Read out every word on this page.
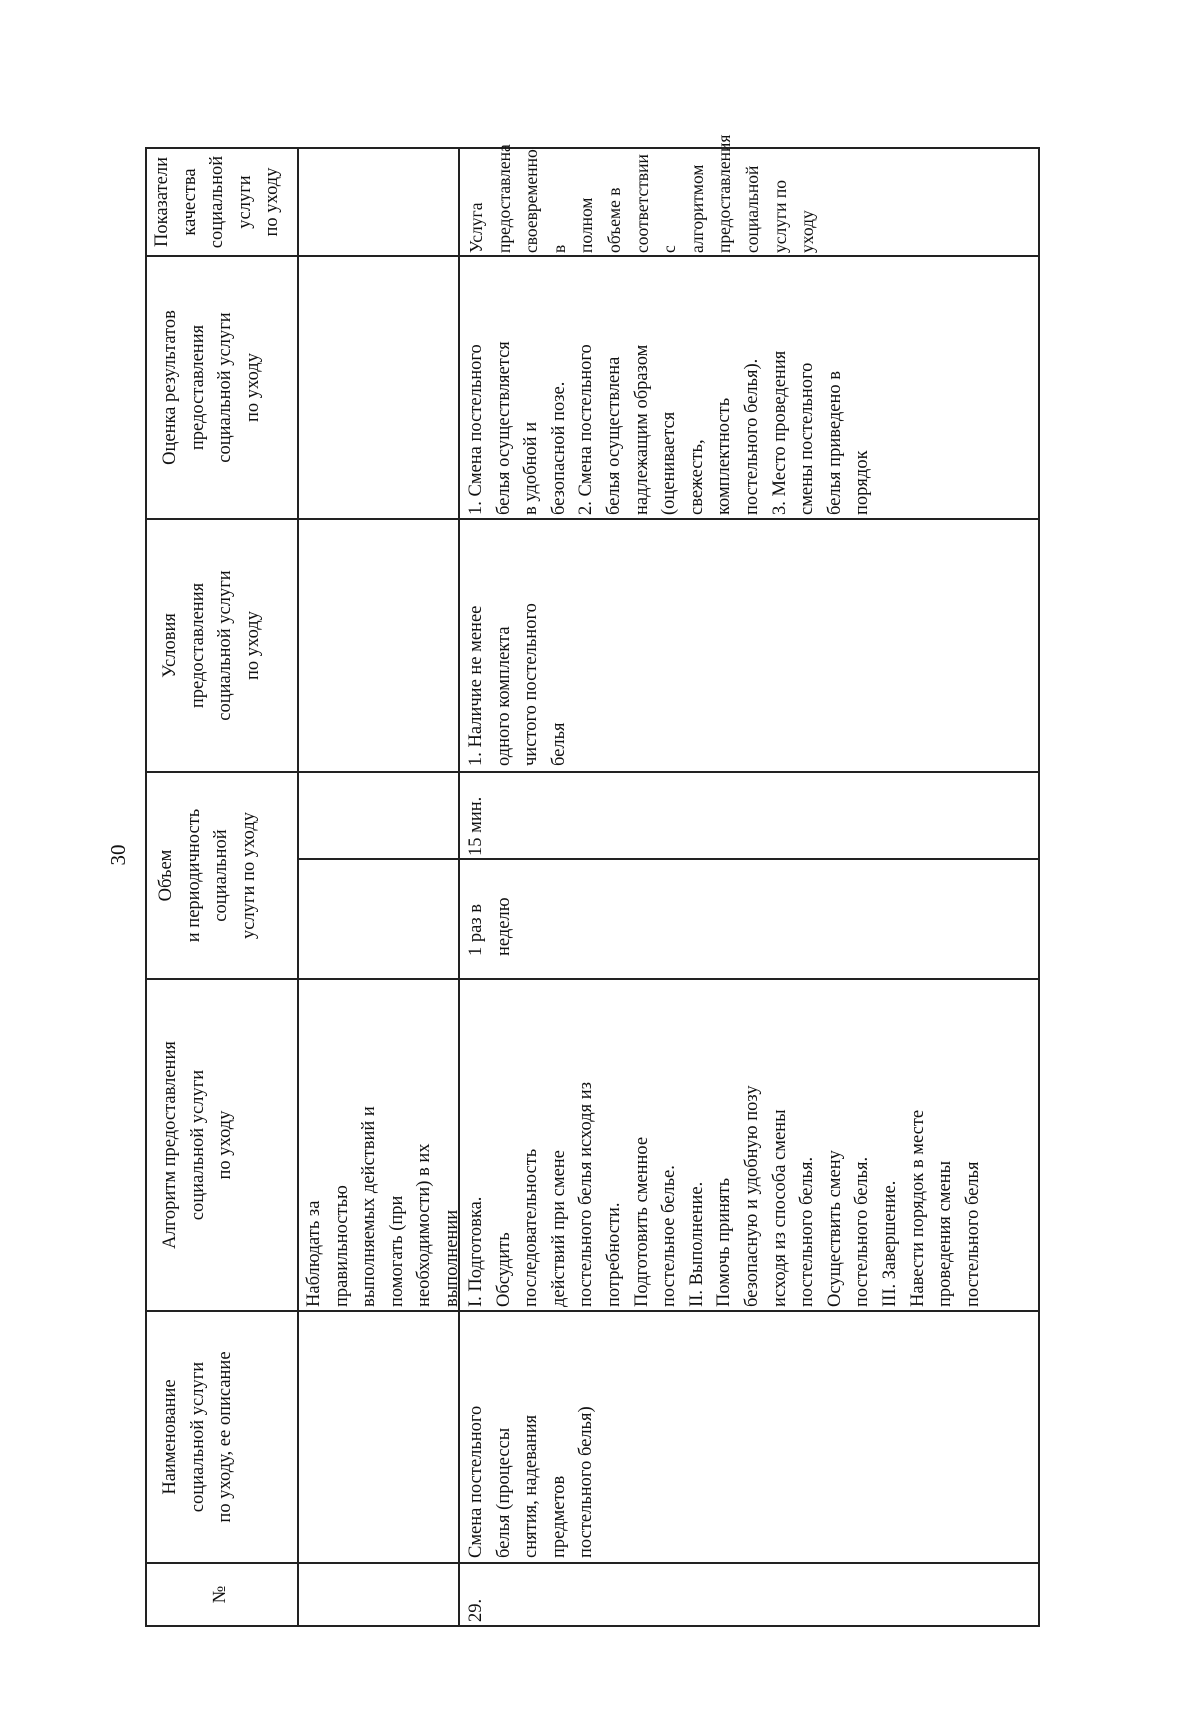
30
№
Наименование
социальной услуги
по уходу, ее описание
Алгоритм предоставления
социальной услуги
по уходу
Объем
и периодичность
социальной
услуги по уходу
Условия
предоставления
социальной услуги
по уходу
Оценка результатов
предоставления
социальной услуги
по уходу
Показатели
качества
социальной
услуги
по уходу
Наблюдать за
правильностью
выполняемых действий и
помогать (при
необходимости) в их
выполнении
29.
Смена постельного
белья (процессы
снятия, надевания
предметов
постельного белья)
I. Подготовка.
Обсудить
последовательность
действий при смене
постельного белья исходя из
потребности.
Подготовить сменное
постельное белье.
II. Выполнение.
Помочь принять
безопасную и удобную позу
исходя из способа смены
постельного белья.
Осуществить смену
постельного белья.
III. Завершение.
Навести порядок в месте
проведения смены
постельного белья
1 раз в
неделю
15 мин.
1. Наличие не менее
одного комплекта
чистого постельного
белья
1. Смена постельного
белья осуществляется
в удобной и
безопасной позе.
2. Смена постельного
белья осуществлена
надлежащим образом
(оценивается
свежесть,
комплектность
постельного белья).
3. Место проведения
смены постельного
белья приведено в
порядок
Услуга
предоставлена
своевременно в
полном объеме в
соответствии с
алгоритмом
предоставления
социальной
услуги по уходу
